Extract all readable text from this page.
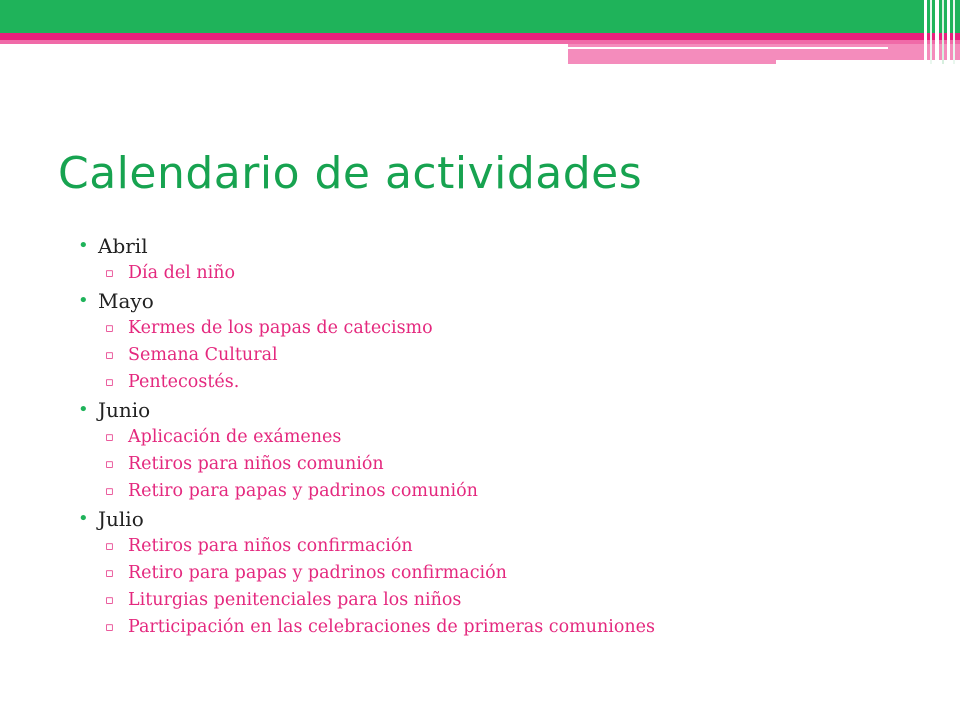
Calendario de actividades
• Abril
▫ Día del niño
• Mayo
▫ Kermes de los papas de catecismo
▫ Semana Cultural
▫ Pentecostés.
• Junio
▫ Aplicación de exámenes
▫ Retiros para niños comunión
▫ Retiro para papas y padrinos comunión
• Julio
▫ Retiros para niños confirmación
▫ Retiro para papas y padrinos confirmación
▫ Liturgias penitenciales para los niños
▫ Participación en las celebraciones de primeras comuniones
